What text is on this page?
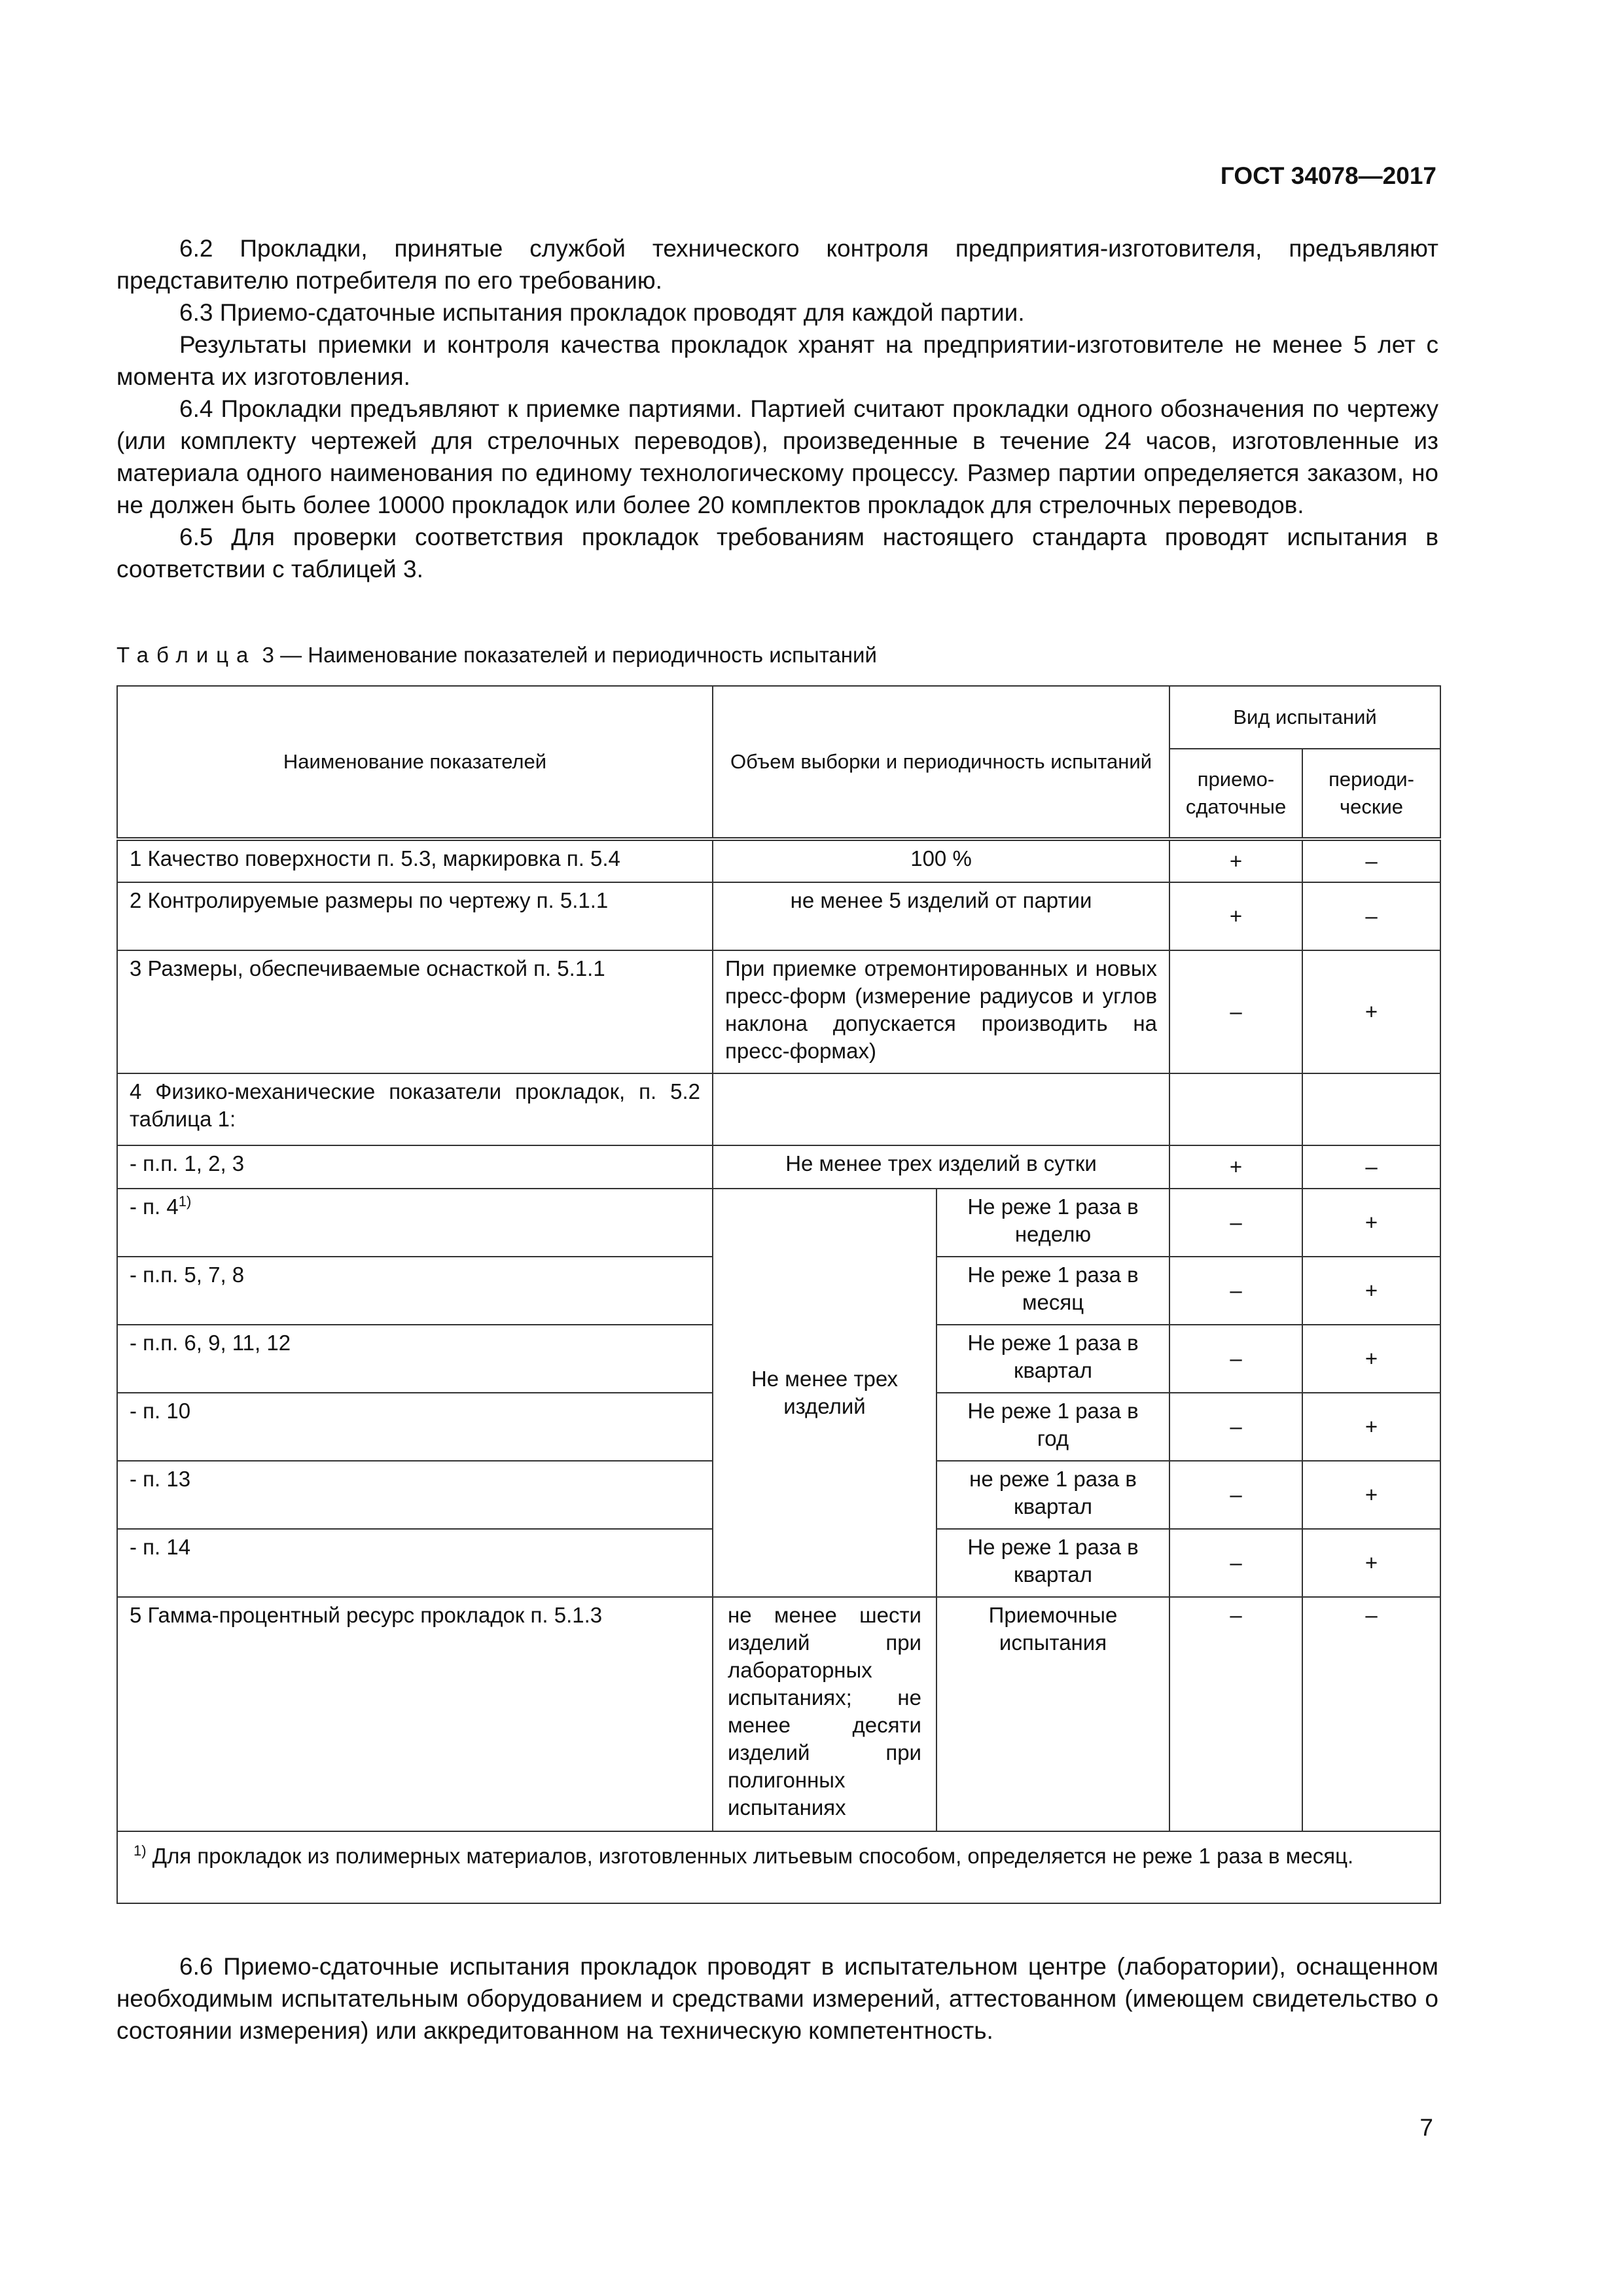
ГОСТ 34078—2017

6.2 Прокладки, принятые службой технического контроля предприятия-изготовителя, предъявляют представителю потребителя по его требованию.

6.3 Приемо-сдаточные испытания прокладок проводят для каждой партии.

Результаты приемки и контроля качества прокладок хранят на предприятии-изготовителе не менее 5 лет с момента их изготовления.

6.4 Прокладки предъявляют к приемке партиями. Партией считают прокладки одного обозначения по чертежу (или комплекту чертежей для стрелочных переводов), произведенные в течение 24 часов, изготовленные из материала одного наименования по единому технологическому процессу. Размер партии определяется заказом, но не должен быть более 10000 прокладок или более 20 комплектов прокладок для стрелочных переводов.

6.5 Для проверки соответствия прокладок требованиям настоящего стандарта проводят испытания в соответствии с таблицей 3.

Таблица 3 — Наименование показателей и периодичность испытаний
Наименование показателей	Объем выборки и периодичность испытаний		Вид испытаний	
			приемо-сдаточные	периоди-ческие
1 Качество поверхности п. 5.3, маркировка п. 5.4	100 %		+	–
2 Контролируемые размеры по чертежу п. 5.1.1	не менее 5 изделий от партии		+	–
3 Размеры, обеспечиваемые оснасткой п. 5.1.1	При приемке отремонтированных и новых пресс-форм (измерение радиусов и углов наклона допускается производить на пресс-формах)		–	+
4 Физико-механические показатели прокладок, п. 5.2 таблица 1:				
- п.п. 1, 2, 3	Не менее трех изделий в сутки		+	–
- п. 4$^{1)}$	Не менее трех изделий	Не реже 1 раза в неделю	–	+
- п.п. 5, 7, 8		Не реже 1 раза в месяц	–	+
- п.п. 6, 9, 11, 12		Не реже 1 раза в квартал	–	+
- п. 10		Не реже 1 раза в год	–	+
- п. 13		не реже 1 раза в квартал	–	+
- п. 14		Не реже 1 раза в квартал	–	+
5 Гамма-процентный ресурс прокладок п. 5.1.3	не менее шести изделий при лабораторных испытаниях; не менее десяти изделий при полигонных испытаниях	Приемочные испытания	–	–
$^{1)}$ Для прокладок из полимерных материалов, изготовленных литьевым способом, определяется не реже 1 раза в месяц.				

6.6 Приемо-сдаточные испытания прокладок проводят в испытательном центре (лаборатории), оснащенном необходимым испытательным оборудованием и средствами измерений, аттестованном (имеющем свидетельство о состоянии измерения) или аккредитованном на техническую компетентность.

7
